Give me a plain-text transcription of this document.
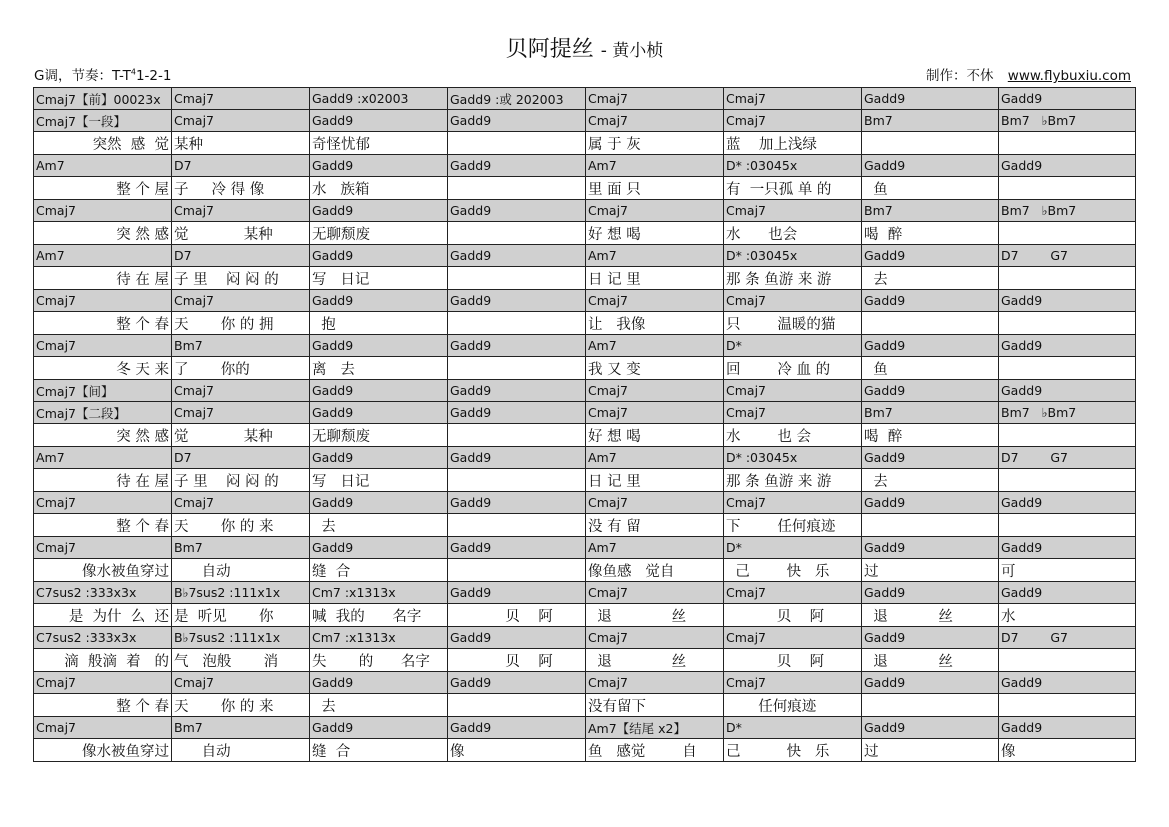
贝阿提丝 - 黄小桢
G调，节奏：$T-T^41-2-1$	制作：不休 www.flybuxiu.com
Cmaj7【前】00023x	Cmaj7	Gadd9 :x02003	Gadd9 :或 202003	Cmaj7	Cmaj7	Gadd9	Gadd9
Cmaj7【一段】	Cmaj7	Gadd9	Gadd9	Cmaj7	Cmaj7	Bm7	Bm7   ♭Bm7
突然  感  觉	某种	奇怪忧郁		属 于 灰	蓝    加上浅绿		
Am7	D7	Gadd9	Gadd9	Am7	D* :03045x	Gadd9	Gadd9
整 个 屋	子     冷 得 像	水   族箱		里 面 只	有  一只孤 单 的	鱼	
Cmaj7	Cmaj7	Gadd9	Gadd9	Cmaj7	Cmaj7	Bm7	Bm7   ♭Bm7
突 然 感	觉            某种	无聊颓废		好 想 喝	水      也会	喝  醉	
Am7	D7	Gadd9	Gadd9	Am7	D* :03045x	Gadd9	D7        G7
待 在 屋	子 里    闷 闷 的	写   日记		日 记 里	那 条 鱼游 来 游	去	
Cmaj7	Cmaj7	Gadd9	Gadd9	Cmaj7	Cmaj7	Gadd9	Gadd9
整 个 春	天       你 的 拥	抱		让   我像	只        温暖的猫		
Cmaj7	Bm7	Gadd9	Gadd9	Am7	D*	Gadd9	Gadd9
冬 天 来	了       你的	离   去		我 又 变	回        冷 血 的	鱼	
Cmaj7【间】	Cmaj7	Gadd9	Gadd9	Cmaj7	Cmaj7	Gadd9	Gadd9
Cmaj7【二段】	Cmaj7	Gadd9	Gadd9	Cmaj7	Cmaj7	Bm7	Bm7   ♭Bm7
突 然 感	觉            某种	无聊颓废		好 想 喝	水        也 会	喝  醉	
Am7	D7	Gadd9	Gadd9	Am7	D* :03045x	Gadd9	D7        G7
待 在 屋	子 里    闷 闷 的	写   日记		日 记 里	那 条 鱼游 来 游	去	
Cmaj7	Cmaj7	Gadd9	Gadd9	Cmaj7	Cmaj7	Gadd9	Gadd9
整 个 春	天       你 的 来	去		没 有 留	下        任何痕迹		
Cmaj7	Bm7	Gadd9	Gadd9	Am7	D*	Gadd9	Gadd9
像水被鱼穿过	自动	缝  合		像鱼感   觉自	己        快   乐	过	可
C7sus2 :333x3x	B♭7sus2 :111x1x	Cm7 :x1313x	Gadd9	Cmaj7	Cmaj7	Gadd9	Gadd9
是  为什  么  还	是  听见       你	喊  我的      名字	贝    阿	退             丝	贝    阿	退           丝	水
C7sus2 :333x3x	B♭7sus2 :111x1x	Cm7 :x1313x	Gadd9	Cmaj7	Cmaj7	Gadd9	D7        G7
滴  般滴  着   的	气   泡般       消	失       的      名字	贝    阿	退             丝	贝    阿	退           丝	
Cmaj7	Cmaj7	Gadd9	Gadd9	Cmaj7	Cmaj7	Gadd9	Gadd9
整 个 春	天       你 的 来	去		没有留下	任何痕迹		
Cmaj7	Bm7	Gadd9	Gadd9	Am7【结尾 x2】	D*	Gadd9	Gadd9
像水被鱼穿过	自动	缝  合	像	鱼   感觉        自	己          快   乐	过	像
